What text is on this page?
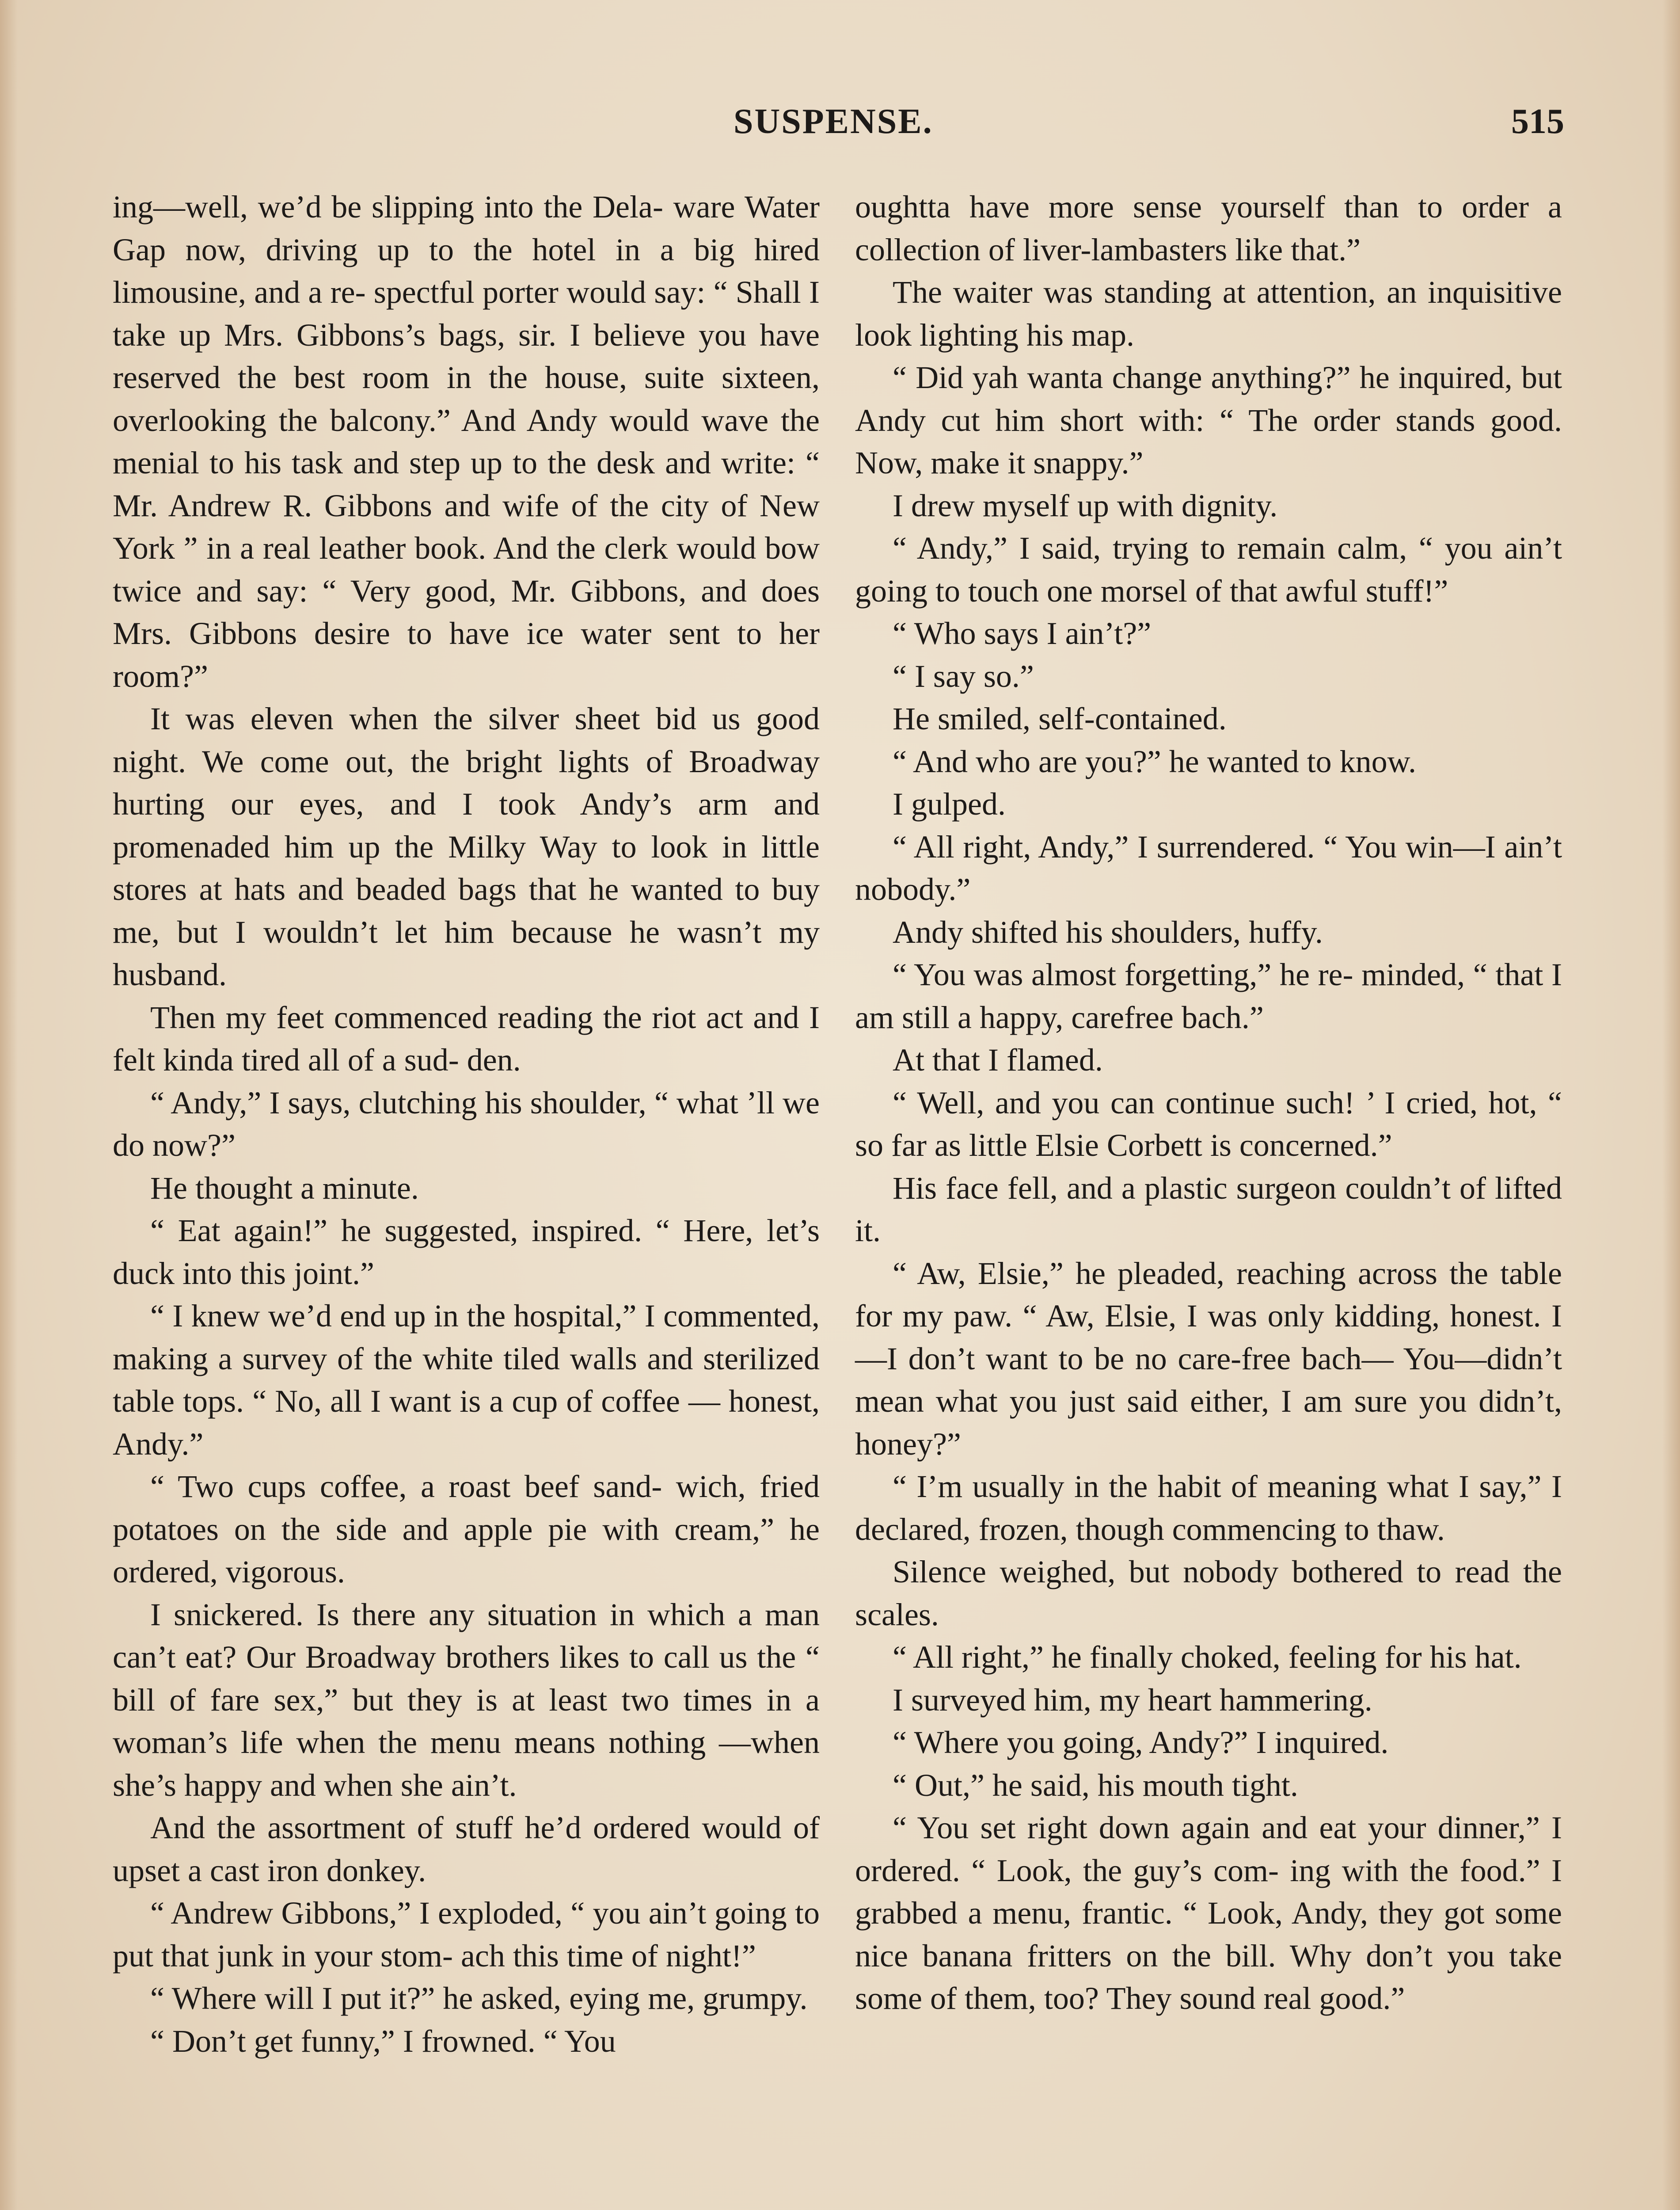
SUSPENSE.	515

ing—well, we’d be slipping into the Dela- ware Water Gap now, driving up to the hotel in a big hired limousine, and a re- spectful porter would say: “ Shall I take up Mrs. Gibbons’s bags, sir. I believe you have reserved the best room in the house, suite sixteen, overlooking the balcony.” And Andy would wave the menial to his task and step up to the desk and write: “ Mr. Andrew R. Gibbons and wife of the city of New York ” in a real leather book. And the clerk would bow twice and say: “ Very good, Mr. Gibbons, and does Mrs. Gibbons desire to have ice water sent to her room?”

It was eleven when the silver sheet bid us good night. We come out, the bright lights of Broadway hurting our eyes, and I took Andy’s arm and promenaded him up the Milky Way to look in little stores at hats and beaded bags that he wanted to buy me, but I wouldn’t let him because he wasn’t my husband.

Then my feet commenced reading the riot act and I felt kinda tired all of a sud- den.

“ Andy,” I says, clutching his shoulder, “ what ’ll we do now?”

He thought a minute.

“ Eat again!” he suggested, inspired. “ Here, let’s duck into this joint.”

“ I knew we’d end up in the hospital,” I commented, making a survey of the white tiled walls and sterilized table tops. “ No, all I want is a cup of coffee — honest, Andy.”

“ Two cups coffee, a roast beef sand- wich, fried potatoes on the side and apple pie with cream,” he ordered, vigorous.

I snickered. Is there any situation in which a man can’t eat? Our Broadway brothers likes to call us the “ bill of fare sex,” but they is at least two times in a woman’s life when the menu means nothing —when she’s happy and when she ain’t.

And the assortment of stuff he’d ordered would of upset a cast iron donkey.

“ Andrew Gibbons,” I exploded, “ you ain’t going to put that junk in your stom- ach this time of night!”

“ Where will I put it?” he asked, eying me, grumpy.

“ Don’t get funny,” I frowned. “ You

oughtta have more sense yourself than to order a collection of liver-lambasters like that.”

The waiter was standing at attention, an inquisitive look lighting his map.

“ Did yah wanta change anything?” he inquired, but Andy cut him short with: “ The order stands good. Now, make it snappy.”

I drew myself up with dignity.

“ Andy,” I said, trying to remain calm, “ you ain’t going to touch one morsel of that awful stuff!”

“ Who says I ain’t?”

“ I say so.”

He smiled, self-contained.

“ And who are you?” he wanted to know.

I gulped.

“ All right, Andy,” I surrendered. “ You win—I ain’t nobody.”

Andy shifted his shoulders, huffy.

“ You was almost forgetting,” he re- minded, “ that I am still a happy, carefree bach.”

At that I flamed.

“ Well, and you can continue such! ’ I cried, hot, “ so far as little Elsie Corbett is concerned.”

His face fell, and a plastic surgeon couldn’t of lifted it.

“ Aw, Elsie,” he pleaded, reaching across the table for my paw. “ Aw, Elsie, I was only kidding, honest. I—I don’t want to be no care-free bach— You—didn’t mean what you just said either, I am sure you didn’t, honey?”

“ I’m usually in the habit of meaning what I say,” I declared, frozen, though commencing to thaw.

Silence weighed, but nobody bothered to read the scales.

“ All right,” he finally choked, feeling for his hat.

I surveyed him, my heart hammering.

“ Where you going, Andy?” I inquired.

“ Out,” he said, his mouth tight.

“ You set right down again and eat your dinner,” I ordered. “ Look, the guy’s com- ing with the food.” I grabbed a menu, frantic. “ Look, Andy, they got some nice banana fritters on the bill. Why don’t you take some of them, too? They sound real good.”
